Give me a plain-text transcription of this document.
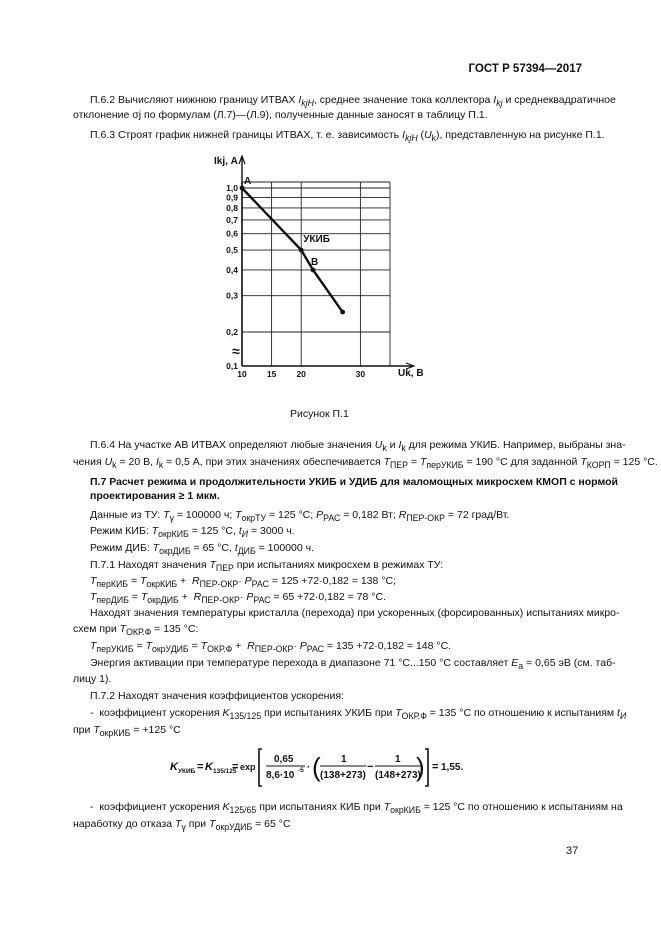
ГОСТ Р 57394—2017
П.6.2 Вычисляют нижнюю границу ИТВАХ $I_{kjH}$, среднее значение тока коллектора $I_{kj}$ и среднеквадратичное
отклонение σj по формулам (Л.7)—(Л.9), полученные данные заносят в таблицу П.1.
П.6.3 Строят график нижней границы ИТВАХ, т. е. зависимость $I_{kjH}$ $(U_k)$, представленную на рисунке П.1.
≈
0,1
0,2
0,3
0,4
0,5
0,6
0,7
0,8
0,9
1,0
10 15 20	30
Ikj, А
Uk, В
A
УКИБ
B
Рисунок П.1
П.6.4 На участке АВ ИТВАХ определяют любые значения $U_k$ и $I_k$ для режима УКИБ. Например, выбраны зна-
чения $U_k = 20$ В, $I_k = 0,5$ А, при этих значениях обеспечивается $T_{ПЕР} = T_{перУКИБ} = 190$ °С для заданной $T_{КОРП} = 125$ °С.
П.7 Расчет режима и продолжительности УКИБ и УДИБ для маломощных микросхем КМОП с нормой
проектирования ≥ 1 мкм.
Данные из ТУ: $T_\gamma = 100000$ ч; $T_{окрТУ} = 125$ °С; $P_{РАС} = 0,182$ Вт; $R_{ПЕР-ОКР} = 72$ град/Вт.
Режим КИБ: $T_{окрКИБ} = 125$ °С, $t_И = 3000$ ч.
Режим ДИБ: $T_{окрДИБ} = 65$ °С, $t_{ДИБ} = 100000$ ч.
П.7.1 Находят значения $T_{ПЕР}$ при испытаниях микросхем в режимах ТУ:
$T_{перКИБ} = T_{окрКИБ} + R_{ПЕР-ОКР}\cdot P_{РАС} = 125 +72\cdot 0,182 = 138$ °С;
$T_{перДИБ} = T_{окрДИБ} + R_{ПЕР-ОКР}\cdot P_{РАС} = 65 +72\cdot 0,182 = 78$ °С.
Находят значения температуры кристалла (перехода) при ускоренных (форсированных) испытаниях микро-
схем при $T_{ОКР.Ф} = 135$ °С:
$T_{перУКИБ} = T_{окрУДИБ} = T_{ОКР.Ф} + R_{ПЕР-ОКР}\cdot P_{РАС} = 135 +72\cdot 0,182 = 148$ °С.
Энергия активации при температуре перехода в диапазоне 71 °С...150 °С составляет $E_a = 0,65$ эВ (см. таб-
лицу 1).
П.7.2 Находят значения коэффициентов ускорения:
-  коэффициент ускорения $K_{135/125}$ при испытаниях УКИБ при $T_{ОКР.Ф} = 135$ °С по отношению к испытаниям $t_И$
при $T_{окрКИБ} = +125$ °С
K УКИБ = K 135/125
= exp
0,65
8,6·10 -5 · (	)
1
(138+273)
−
1
(148+273)
= 1,55.
-  коэффициент ускорения $K_{125/65}$ при испытаниях КИБ при $T_{окрКИБ} = 125$ °С по отношению к испытаниям на
наработку до отказа $T_\gamma$ при $T_{окрУДИБ} = 65$ °С
37
